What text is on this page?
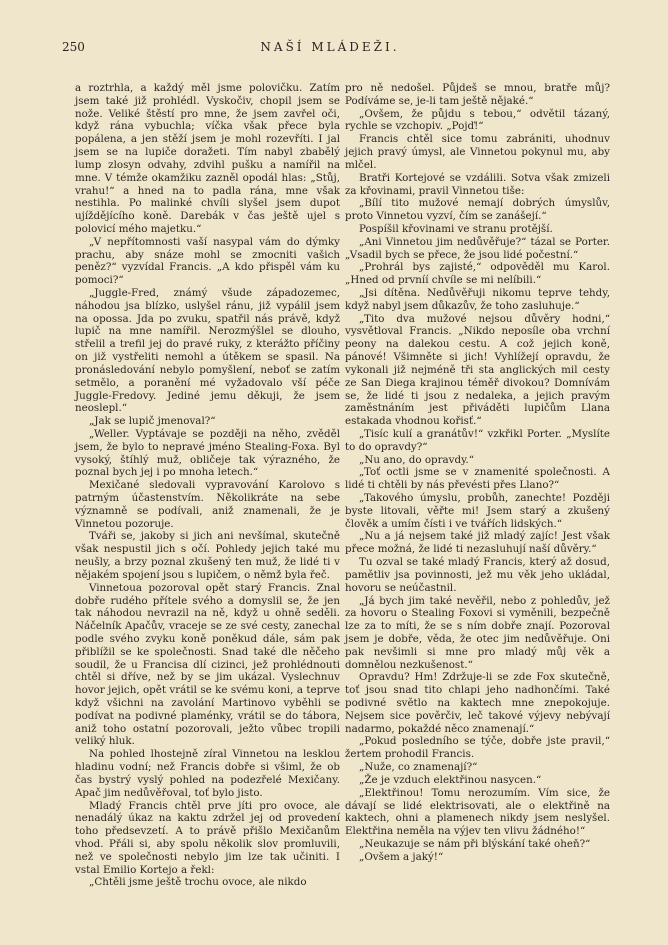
250	NAŠÍ MLÁDEŽI.

a roztrhla, a každý měl jsme polovičku. Zatím jsem také již prohlédl. Vyskočiv, chopil jsem se nože. Veliké štěstí pro mne, že jsem zavřel oči, když rána vybuchla; víčka však přece byla popálena, a jen stěží jsem je mohl rozevříti. I jal jsem se na lupiče doražeti. Tím nabyl zbabělý lump zlosyn odvahy, zdvihl pušku a namířil na mne. V témže okamžiku zazněl opodál hlas: „Stůj, vrahu!“ a hned na to padla rána, mne však nestihla. Po malinké chvíli slyšel jsem dupot ujíždějícího koně. Darebák v čas ještě ujel s polovicí mého majetku.“

„V nepřítomnosti vaší nasypal vám do dýmky prachu, aby snáze mohl se zmocniti vašich peněz?“ vyzvídal Francis. „A kdo přispěl vám ku pomoci?“

„Juggle-Fred, známý všude západozemec, náhodou jsa blízko, uslyšel ránu, již vypálil jsem na opossa. Jda po zvuku, spatřil nás právě, když lupič na mne namířil. Nerozmýšlel se dlouho, střelil a trefil jej do pravé ruky, z kterážto příčiny on již vystřeliti nemohl a útěkem se spasil. Na pronásledování nebylo pomyšlení, neboť se zatím setmělo, a poranění mé vyžadovalo vší péče Juggle-Fredovy. Jediné jemu děkuji, že jsem neoslepl.“

„Jak se lupič jmenoval?“

„Weller. Vyptávaje se později na něho, zvěděl jsem, že bylo to nepravé jméno Stealing-Foxa. Byl vysoký, štíhlý muž, obličeje tak výrazného, že poznal bych jej i po mnoha letech.“

Mexičané sledovali vypravování Karolovo s patrným účastenstvím. Několikráte na sebe významně se podívali, aniž znamenali, že je Vinnetou pozoruje.

Tváři se, jakoby si jich ani nevšímal, skutečně však nespustil jich s očí. Pohledy jejich také mu neušly, a brzy poznal zkušený ten muž, že lidé ti v nějakém spojení jsou s lupičem, o němž byla řeč.

Vinnetoua pozoroval opět starý Francis. Znal dobře rudého přítele svého a domyslil se, že jen tak náhodou nevrazil na ně, když u ohně seděli. Náčelník Apačův, vraceje se ze své cesty, zanechal podle svého zvyku koně poněkud dále, sám pak přiblížil se ke společnosti. Snad také dle něčeho soudil, že u Francisa dlí cizinci, jež prohlédnouti chtěl si dříve, než by se jim ukázal. Vyslechnuv hovor jejich, opět vrátil se ke svému koni, a teprve když všichni na zavolání Martinovo vyběhli se podívat na podivné plaménky, vrátil se do tábora, aniž toho ostatní pozorovali, ježto vůbec tropili veliký hluk.

Na pohled lhostejně zíral Vinnetou na lesklou hladinu vodní; než Francis dobře si všiml, že ob čas bystrý vyslý pohled na podezřelé Mexičany. Apač jim nedůvěřoval, toť bylo jisto.

Mladý Francis chtěl prve jíti pro ovoce, ale nenadálý úkaz na kaktu zdržel jej od provedení toho předsevzetí. A to právě přišlo Mexičanům vhod. Přáli si, aby spolu několik slov promluvili, než ve společnosti nebylo jim lze tak učiniti. I vstal Emilio Kortejo a řekl:

„Chtěli jsme ještě trochu ovoce, ale nikdo

pro ně nedošel. Půjdeš se mnou, bratře můj? Podíváme se, je-li tam ještě nějaké.“

„Ovšem, že půjdu s tebou,“ odvětil tázaný, rychle se vzchopiv. „Pojď!“

Francis chtěl sice tomu zabrániti, uhodnuv jejich pravý úmysl, ale Vinnetou pokynul mu, aby mlčel.

Bratři Kortejové se vzdálili. Sotva však zmizeli za křovinami, pravil Vinnetou tiše:

„Bílí tito mužové nemají dobrých úmyslův, proto Vinnetou vyzví, čím se zanášejí.“

Pospíšil křovinami ve stranu protější.

„Ani Vinnetou jim nedůvěřuje?“ tázal se Porter. „Vsadil bych se přece, že jsou lidé počestní.“

„Prohrál bys zajisté,“ odpověděl mu Karol. „Hned od prvníí chvíle se mi nelíbili.“

„Jsi dítěna. Nedůvěřuji nikomu teprve tehdy, když nabyl jsem důkazův, že toho zasluhuje.“

„Tito dva mužové nejsou důvěry hodni,“ vysvětloval Francis. „Nikdo neposíle oba vrchní peony na dalekou cestu. A což jejich koně, pánové! Všimněte si jich! Vyhlížejí opravdu, že vykonali již nejméně tři sta anglických mil cesty ze San Diega krajinou téměř divokou? Domnívám se, že lidé ti jsou z nedaleka, a jejich pravým zaměstnáním jest přiváděti lupičům Llana estakada vhodnou kořisť.“

„Tisíc kulí a granátův!“ vzkřikl Porter. „Myslíte to do opravdy?“

„Nu ano, do opravdy.“

„Toť octli jsme se v znamenité společnosti. A lidé ti chtěli by nás převésti přes Llano?“

„Takového úmyslu, probůh, zanechte! Později byste litovali, věřte mi! Jsem starý a zkušený člověk a umím čísti i ve tvářích lidských.“

„Nu a já nejsem také již mladý zajíc! Jest však přece možná, že lidé ti nezasluhují naší důvěry.“

Tu ozval se také mladý Francis, který až dosud, pamětliv jsa povinnosti, jež mu věk jeho ukládal, hovoru se neúčastnil.

„Já bych jim také nevěřil, nebo z pohledův, jež za hovoru o Stealing Foxovi si vyměnili, bezpečně lze za to míti, že se s ním dobře znají. Pozoroval jsem je dobře, věda, že otec jim nedůvěřuje. Oni pak nevšimli si mne pro mladý můj věk a domnělou nezkušenost.“

Opravdu? Hm! Zdržuje-li se zde Fox skutečně, toť jsou snad tito chlapi jeho nadhončími. Také podivné světlo na kaktech mne znepokojuje. Nejsem sice pověrčiv, leč takové výjevy nebývají nadarmo, pokaždé něco znamenají.“

„Pokud posledního se týče, dobře jste pravil,“ žertem prohodil Francis.

„Nuže, co znamenají?“

„Že je vzduch elektřinou nasycen.“

„Elektřinou! Tomu nerozumím. Vím sice, že dávají se lidé elektrisovati, ale o elektřině na kaktech, ohni a plamenech nikdy jsem neslyšel. Elektřina neměla na výjev ten vlivu žádného!“

„Neukazuje se nám při blýskání také oheň?“

„Ovšem a jaký!“
